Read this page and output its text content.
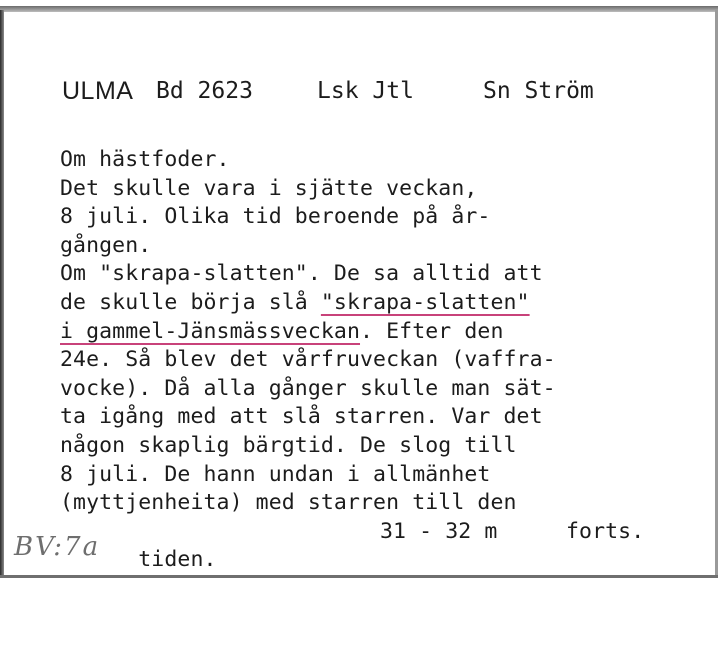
ULMA Bd 2623	Lsk Jtl	Sn Ström
Om hästfoder.
Det skulle vara i sjätte veckan,
8 juli. Olika tid beroende på år-
gången.
Om "skrapa-slatten". De sa alltid att
de skulle börja slå "skrapa-slatten"
i gammel-Jänsmässveckan. Efter den
24e. Så blev det vårfruveckan (vaffra-
vocke). Då alla gånger skulle man sät-
ta igång med att slå starren. Var det
någon skaplig bärgtid. De slog till
8 juli. De hann undan i allmänhet
(myttjenheita) med starren till den

tiden.

31 - 32 m

	forts.

BV:7a
